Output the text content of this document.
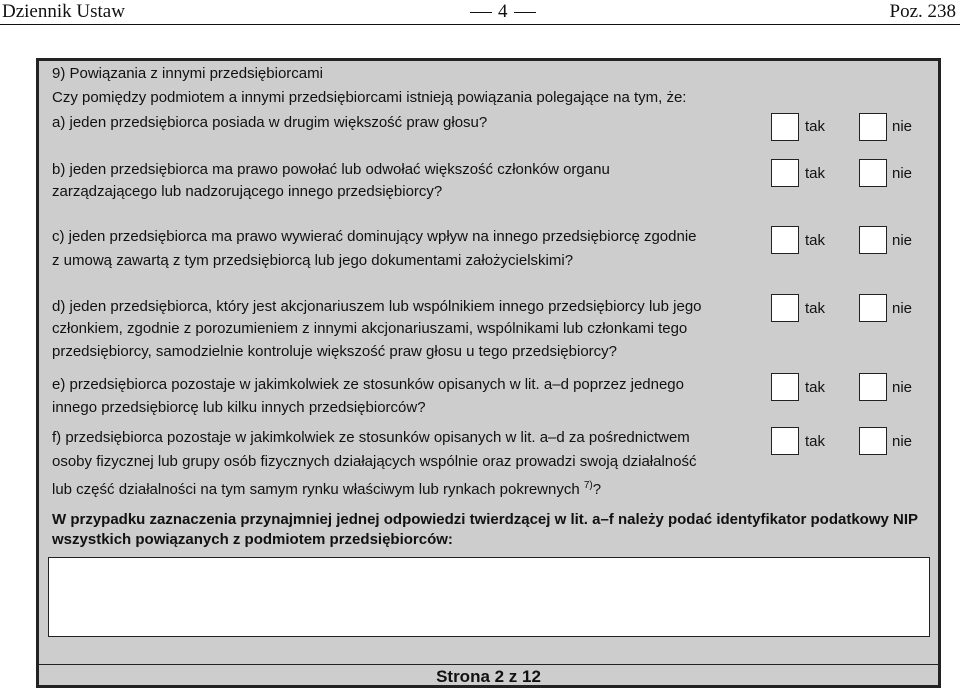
Dziennik Ustaw	4	Poz. 238
9) Powiązania z innymi przedsiębiorcami
Czy pomiędzy podmiotem a innymi przedsiębiorcami istnieją powiązania polegające na tym, że:
a) jeden przedsiębiorca posiada w drugim większość praw głosu?	tak	nie
b) jeden przedsiębiorca ma prawo powołać lub odwołać większość członków organu
zarządzającego lub nadzorującego innego przedsiębiorcy?
tak	nie
c) jeden przedsiębiorca ma prawo wywierać dominujący wpływ na innego przedsiębiorcę zgodnie
z umową zawartą z tym przedsiębiorcą lub jego dokumentami założycielskimi?
tak	nie
d) jeden przedsiębiorca, który jest akcjonariuszem lub wspólnikiem innego przedsiębiorcy lub jego
członkiem, zgodnie z porozumieniem z innymi akcjonariuszami, wspólnikami lub członkami tego
przedsiębiorcy, samodzielnie kontroluje większość praw głosu u tego przedsiębiorcy?
tak	nie
e) przedsiębiorca pozostaje w jakimkolwiek ze stosunków opisanych w lit. a–d poprzez jednego
innego przedsiębiorcę lub kilku innych przedsiębiorców?
tak	nie
f) przedsiębiorca pozostaje w jakimkolwiek ze stosunków opisanych w lit. a–d za pośrednictwem
osoby fizycznej lub grupy osób fizycznych działających wspólnie oraz prowadzi swoją działalność
lub część działalności na tym samym rynku właściwym lub rynkach pokrewnych $^{7)}$?
tak	nie
W przypadku zaznaczenia przynajmniej jednej odpowiedzi twierdzącej w lit. a–f należy podać identyfikator podatkowy NIP
wszystkich powiązanych z podmiotem przedsiębiorców:
Strona 2 z 12
